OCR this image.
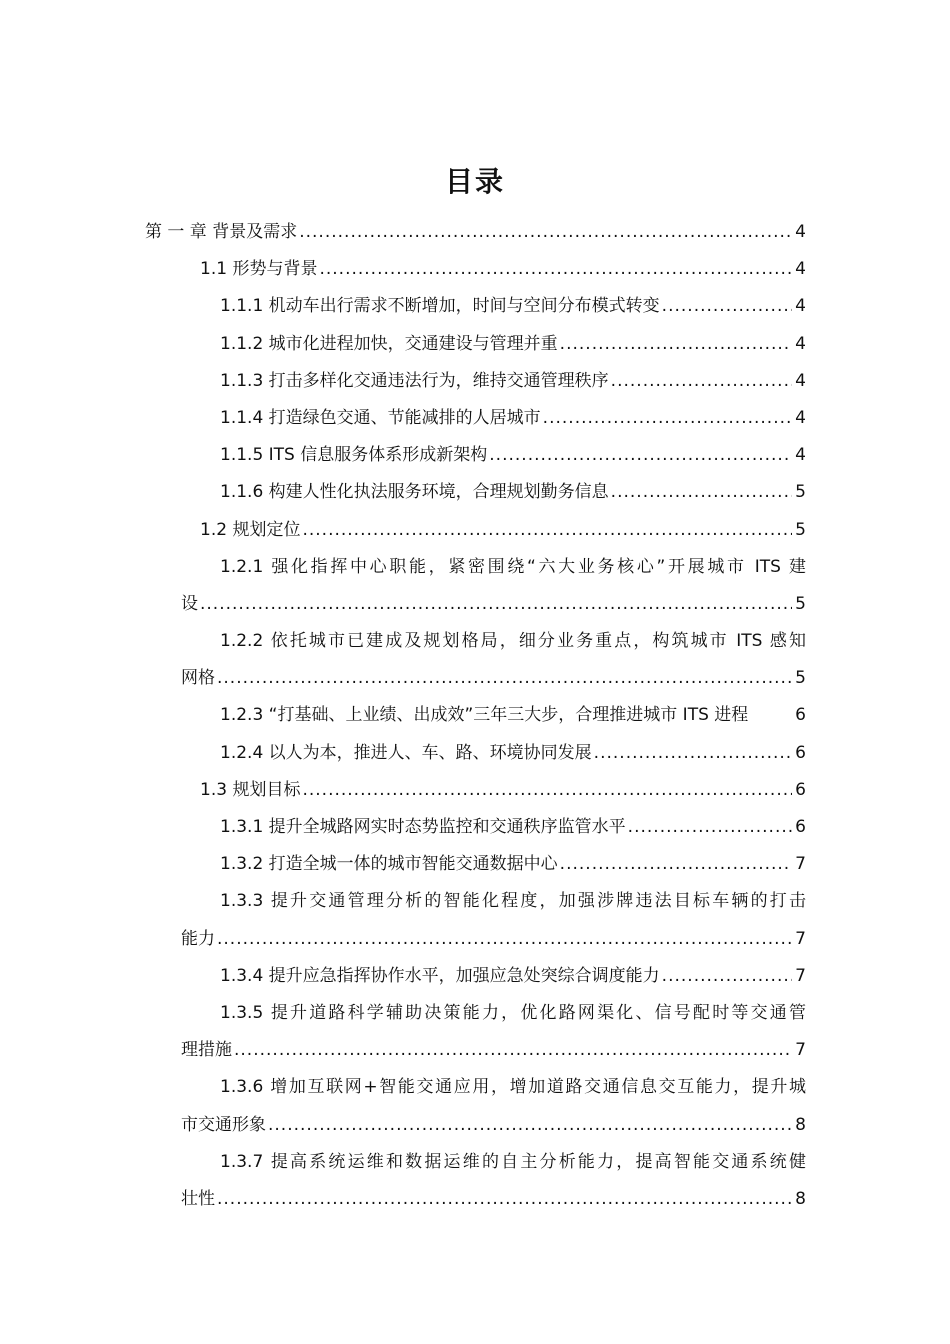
目录
第 一 章 背景及需求 .....	4
1.1 形势与背景 .....	4
1.1.1 机动车出行需求不断增加，时间与空间分布模式转变 .....	4
1.1.2 城市化进程加快，交通建设与管理并重 .....	4
1.1.3 打击多样化交通违法行为，维持交通管理秩序 .....	4
1.1.4 打造绿色交通、节能减排的人居城市 .....	4
1.1.5 ITS 信息服务体系形成新架构 .....	4
1.1.6 构建人性化执法服务环境，合理规划勤务信息 .....	5
1.2 规划定位 .....	5
1.2.1 强化指挥中心职能，紧密围绕“六大业务核心”开展城市 ITS 建
设 .....	5
1.2.2 依托城市已建成及规划格局，细分业务重点，构筑城市 ITS 感知
网格 .....	5
1.2.3 “打基础、上业绩、出成效”三年三大步，合理推进城市 ITS 进程	6
1.2.4 以人为本，推进人、车、路、环境协同发展 .....	6
1.3 规划目标 .....	6
1.3.1 提升全城路网实时态势监控和交通秩序监管水平 .....	6
1.3.2 打造全城一体的城市智能交通数据中心 .....	7
1.3.3 提升交通管理分析的智能化程度，加强涉牌违法目标车辆的打击
能力 .....	7
1.3.4 提升应急指挥协作水平，加强应急处突综合调度能力 .....	7
1.3.5 提升道路科学辅助决策能力，优化路网渠化、信号配时等交通管
理措施 .....	7
1.3.6 增加互联网+智能交通应用，增加道路交通信息交互能力，提升城
市交通形象 .....	8
1.3.7 提高系统运维和数据运维的自主分析能力，提高智能交通系统健
壮性 .....	8
